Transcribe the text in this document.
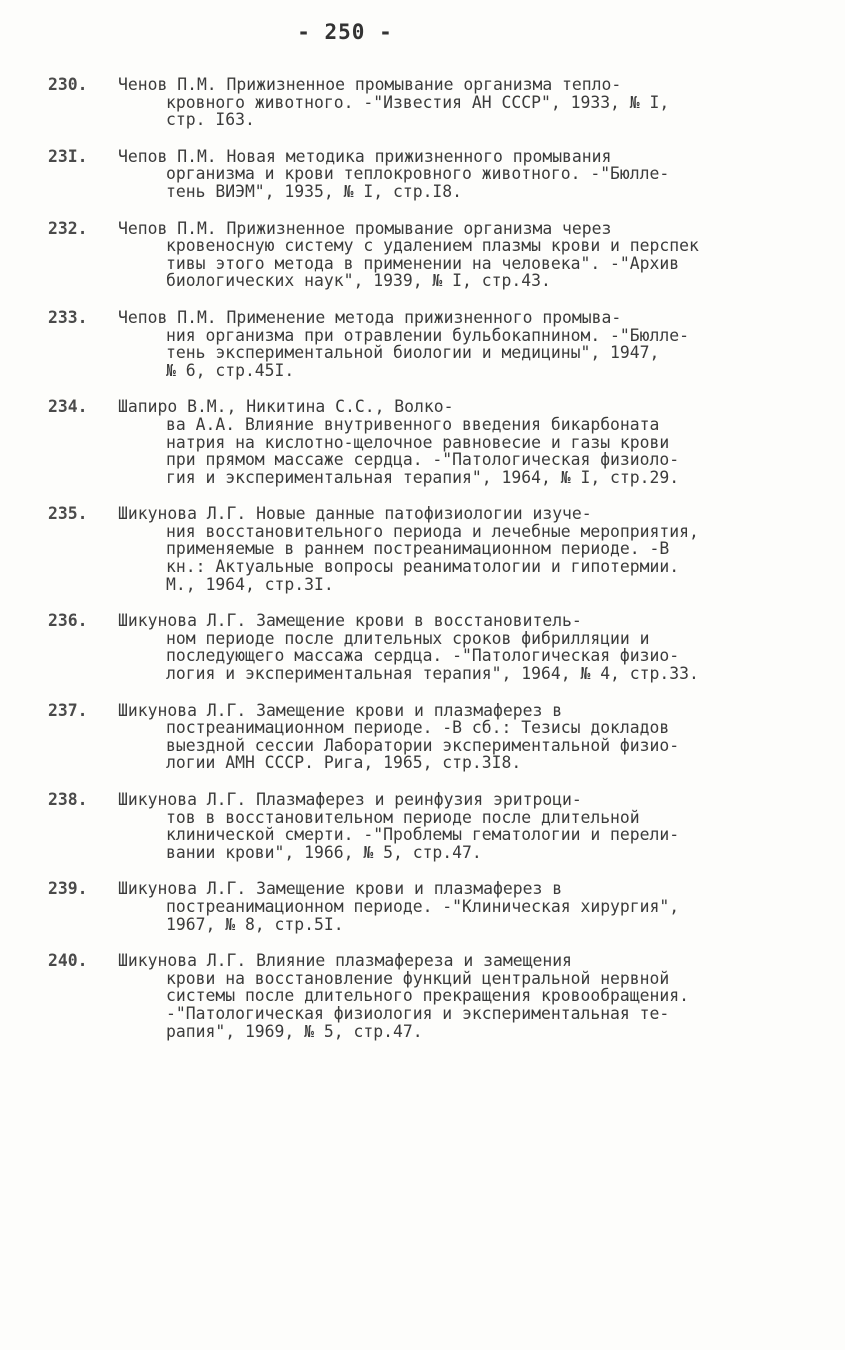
- 250 -
230.	Ченов П.М. Прижизненное промывание организма тепло-
кровного животного. -"Известия АН СССР", 1933, № I,
стр. I63.
23I.	Чепов П.М. Новая методика прижизненного промывания
организма и крови теплокровного животного. -"Бюлле-
тень ВИЭМ", 1935, № I, стр.I8.
232.	Чепов П.М. Прижизненное промывание организма через
кровеносную систему с удалением плазмы крови и перспек
тивы этого метода в применении на человека". -"Архив
биологических наук", 1939, № I, стр.43.
233.	Чепов П.М. Применение метода прижизненного промыва-
ния организма при отравлении бульбокапнином. -"Бюлле-
тень экспериментальной биологии и медицины", 1947,
№ 6, стр.45I.
234.	Шапиро В.М., Никитина С.С., Волко-
ва А.А. Влияние внутривенного введения бикарбоната
натрия на кислотно-щелочное равновесие и газы крови
при прямом массаже сердца. -"Патологическая физиоло-
гия и экспериментальная терапия", 1964, № I, стр.29.
235.	Шикунова Л.Г. Новые данные патофизиологии изуче-
ния восстановительного периода и лечебные мероприятия,
применяемые в раннем постреанимационном периоде. -В
кн.: Актуальные вопросы реаниматологии и гипотермии.
М., 1964, стр.3I.
236.	Шикунова Л.Г. Замещение крови в восстановитель-
ном периоде после длительных сроков фибрилляции и
последующего массажа сердца. -"Патологическая физио-
логия и экспериментальная терапия", 1964, № 4, стр.33.
237.	Шикунова Л.Г. Замещение крови и плазмаферез в
постреанимационном периоде. -В сб.: Тезисы докладов
выездной сессии Лаборатории экспериментальной физио-
логии АМН СССР. Рига, 1965, стр.3I8.
238.	Шикунова Л.Г. Плазмаферез и реинфузия эритроци-
тов в восстановительном периоде после длительной
клинической смерти. -"Проблемы гематологии и перели-
вании крови", 1966, № 5, стр.47.
239.	Шикунова Л.Г. Замещение крови и плазмаферез в
постреанимационном периоде. -"Клиническая хирургия",
1967, № 8, стр.5I.
240.	Шикунова Л.Г. Влияние плазмафереза и замещения
крови на восстановление функций центральной нервной
системы после длительного прекращения кровообращения.
-"Патологическая физиология и экспериментальная те-
рапия", 1969, № 5, стр.47.
